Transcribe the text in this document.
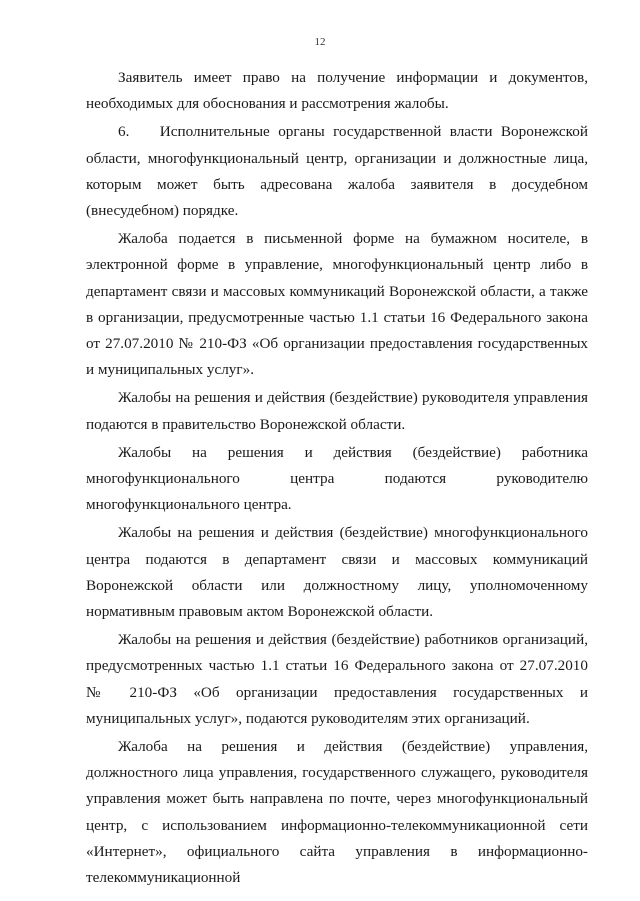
12

Заявитель имеет право на получение информации и документов, необходимых для обоснования и рассмотрения жалобы.

6.  Исполнительные органы государственной власти Воронежской области, многофункциональный центр, организации и должностные лица, которым может быть адресована жалоба заявителя в досудебном (внесудебном) порядке.

Жалоба подается в письменной форме на бумажном носителе, в электронной форме в управление, многофункциональный центр либо в департамент связи и массовых коммуникаций Воронежской области, а также в организации, предусмотренные частью 1.1 статьи 16 Федерального закона от 27.07.2010 № 210-ФЗ «Об организации предоставления государственных и муниципальных услуг».

Жалобы на решения и действия (бездействие) руководителя управления подаются в правительство Воронежской области.

Жалобы на решения и действия (бездействие) работника многофункционального центра подаются руководителю многофункционального центра.

Жалобы на решения и действия (бездействие) многофункционального центра подаются в департамент связи и массовых коммуникаций Воронежской области или должностному лицу, уполномоченному нормативным правовым актом Воронежской области.

Жалобы на решения и действия (бездействие) работников организаций, предусмотренных частью 1.1 статьи 16 Федерального закона от 27.07.2010 № 210-ФЗ «Об организации предоставления государственных и муниципальных услуг», подаются руководителям этих организаций.

Жалоба на решения и действия (бездействие) управления, должностного лица управления, государственного служащего, руководителя управления может быть направлена по почте, через многофункциональный центр, с использованием информационно-телекоммуникационной сети «Интернет», официального сайта управления в информационно-телекоммуникационной
